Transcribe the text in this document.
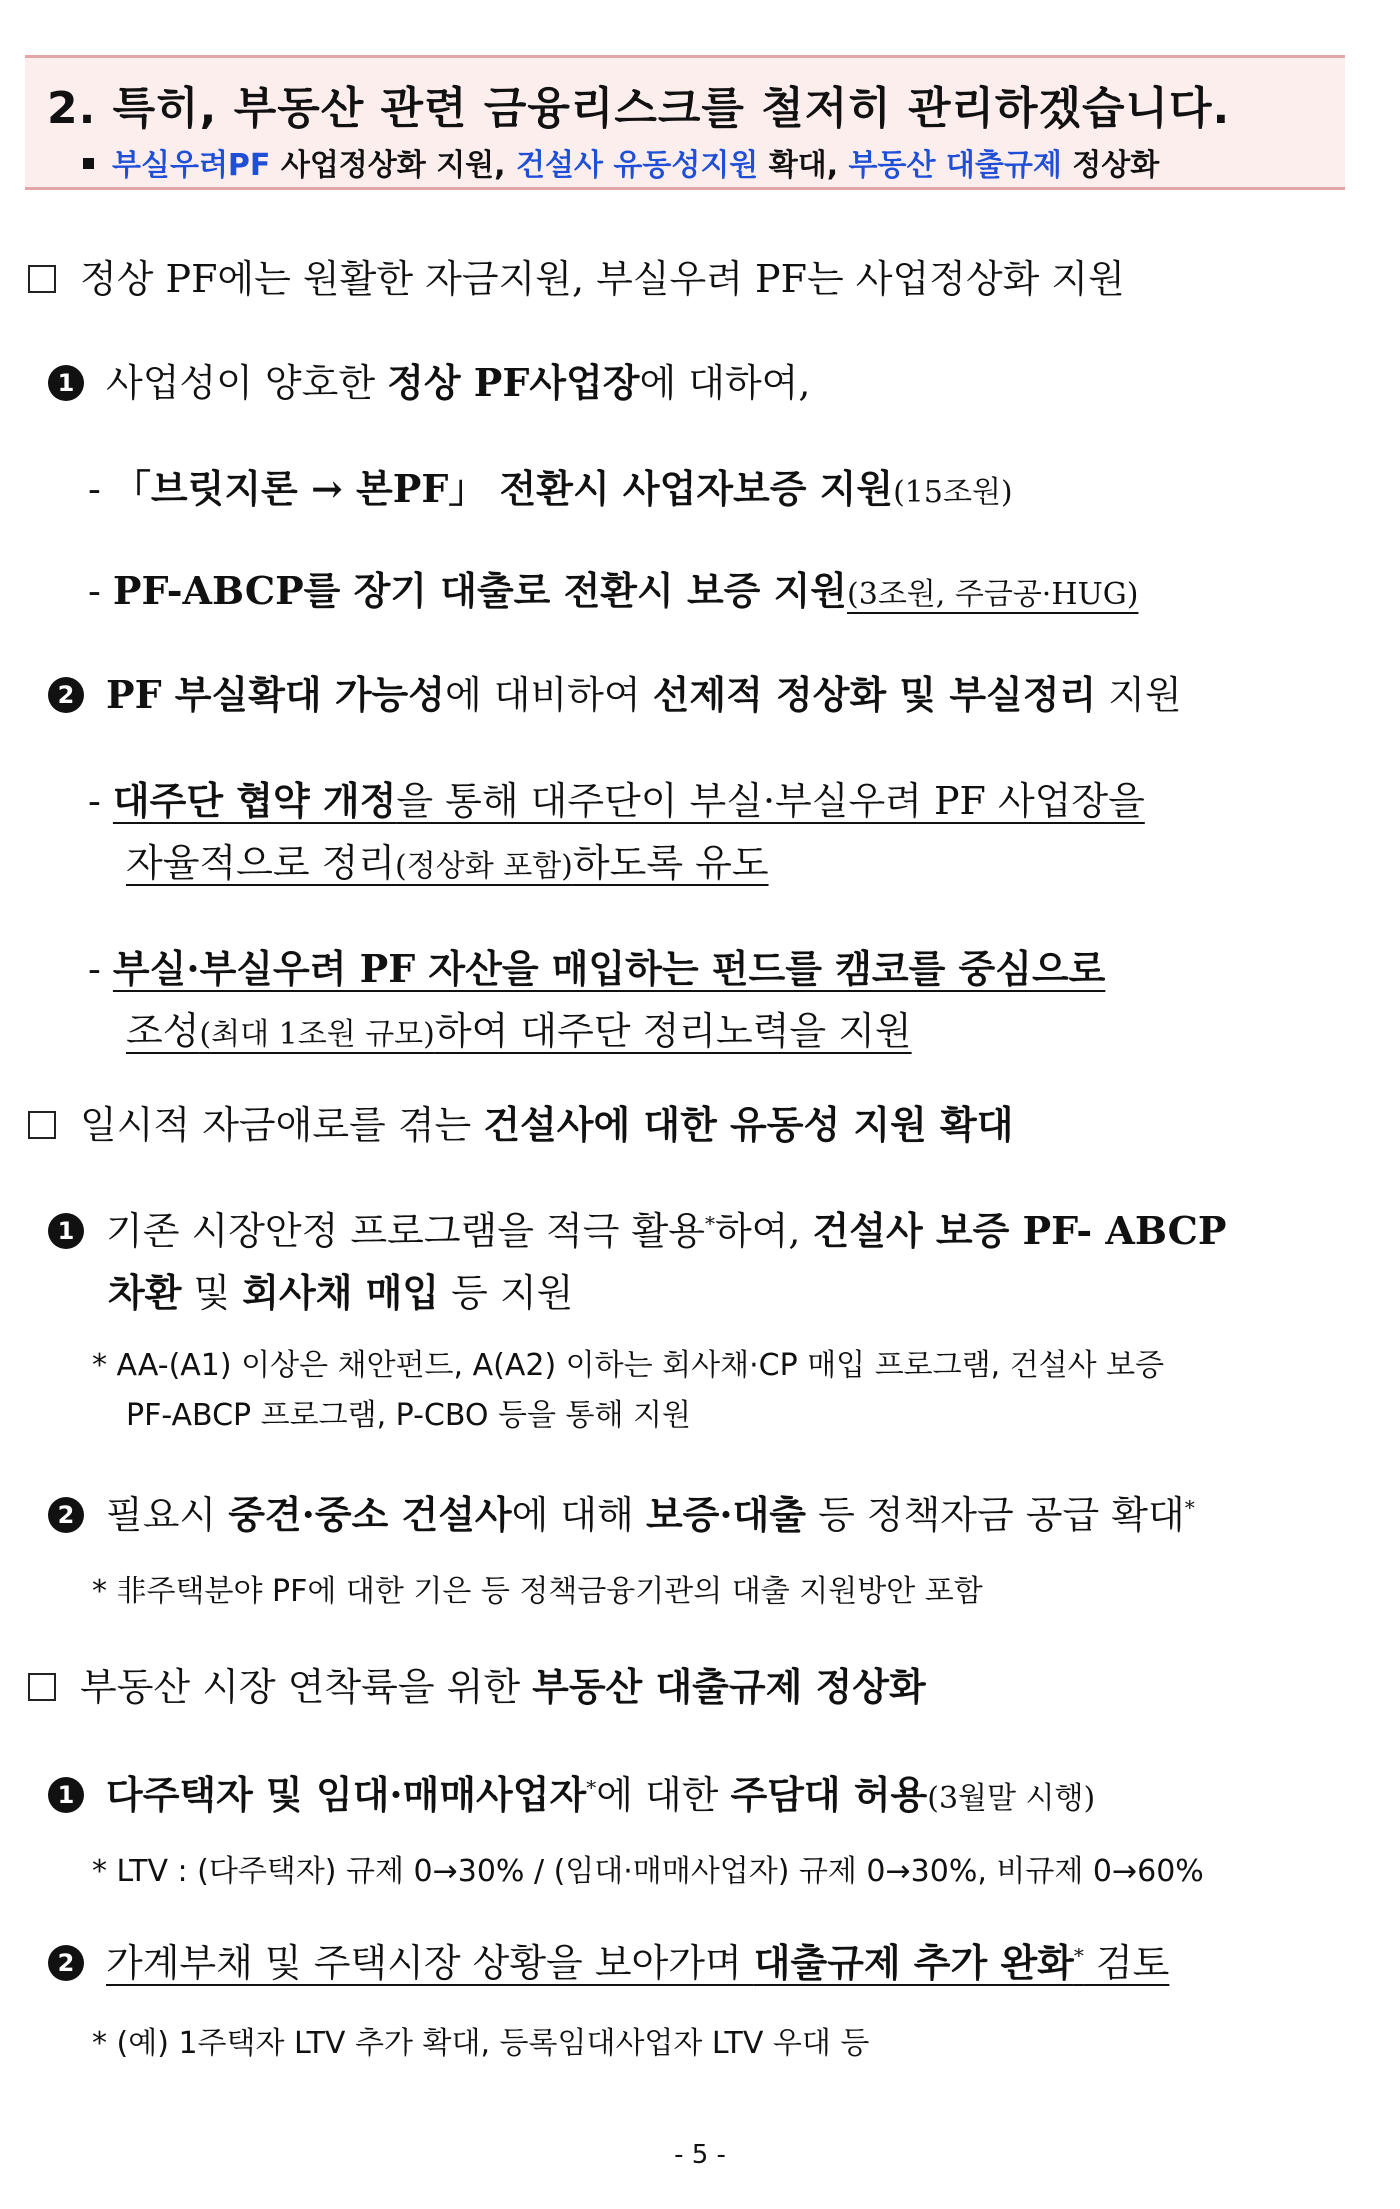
2. 특히, 부동산 관련 금융리스크를 철저히 관리하겠습니다.
부실우려PF 사업정상화 지원, 건설사 유동성지원 확대, 부동산 대출규제 정상화
정상 PF에는 원활한 자금지원, 부실우려 PF는 사업정상화 지원
1 사업성이 양호한 정상 PF사업장에 대하여,
- 「브릿지론 → 본PF」 전환시 사업자보증 지원(15조원)
- PF-ABCP를 장기 대출로 전환시 보증 지원(3조원, 주금공·HUG)
2 PF 부실확대 가능성에 대비하여 선제적 정상화 및 부실정리 지원
- 대주단 협약 개정을 통해 대주단이 부실·부실우려 PF 사업장을
자율적으로 정리(정상화 포함)하도록 유도
- 부실·부실우려 PF 자산을 매입하는 펀드를 캠코를 중심으로
조성(최대 1조원 규모)하여 대주단 정리노력을 지원
일시적 자금애로를 겪는 건설사에 대한 유동성 지원 확대
1 기존 시장안정 프로그램을 적극 활용*하여, 건설사 보증 PF- ABCP
차환 및 회사채 매입 등 지원
* AA-(A1) 이상은 채안펀드, A(A2) 이하는 회사채·CP 매입 프로그램, 건설사 보증
PF-ABCP 프로그램, P-CBO 등을 통해 지원
2 필요시 중견·중소 건설사에 대해 보증·대출 등 정책자금 공급 확대*
* 非주택분야 PF에 대한 기은 등 정책금융기관의 대출 지원방안 포함
부동산 시장 연착륙을 위한 부동산 대출규제 정상화
1 다주택자 및 임대·매매사업자*에 대한 주담대 허용(3월말 시행)
* LTV : (다주택자) 규제 0→30% / (임대·매매사업자) 규제 0→30%, 비규제 0→60%
2 가계부채 및 주택시장 상황을 보아가며 대출규제 추가 완화* 검토
* (예) 1주택자 LTV 추가 확대, 등록임대사업자 LTV 우대 등
- 5 -
